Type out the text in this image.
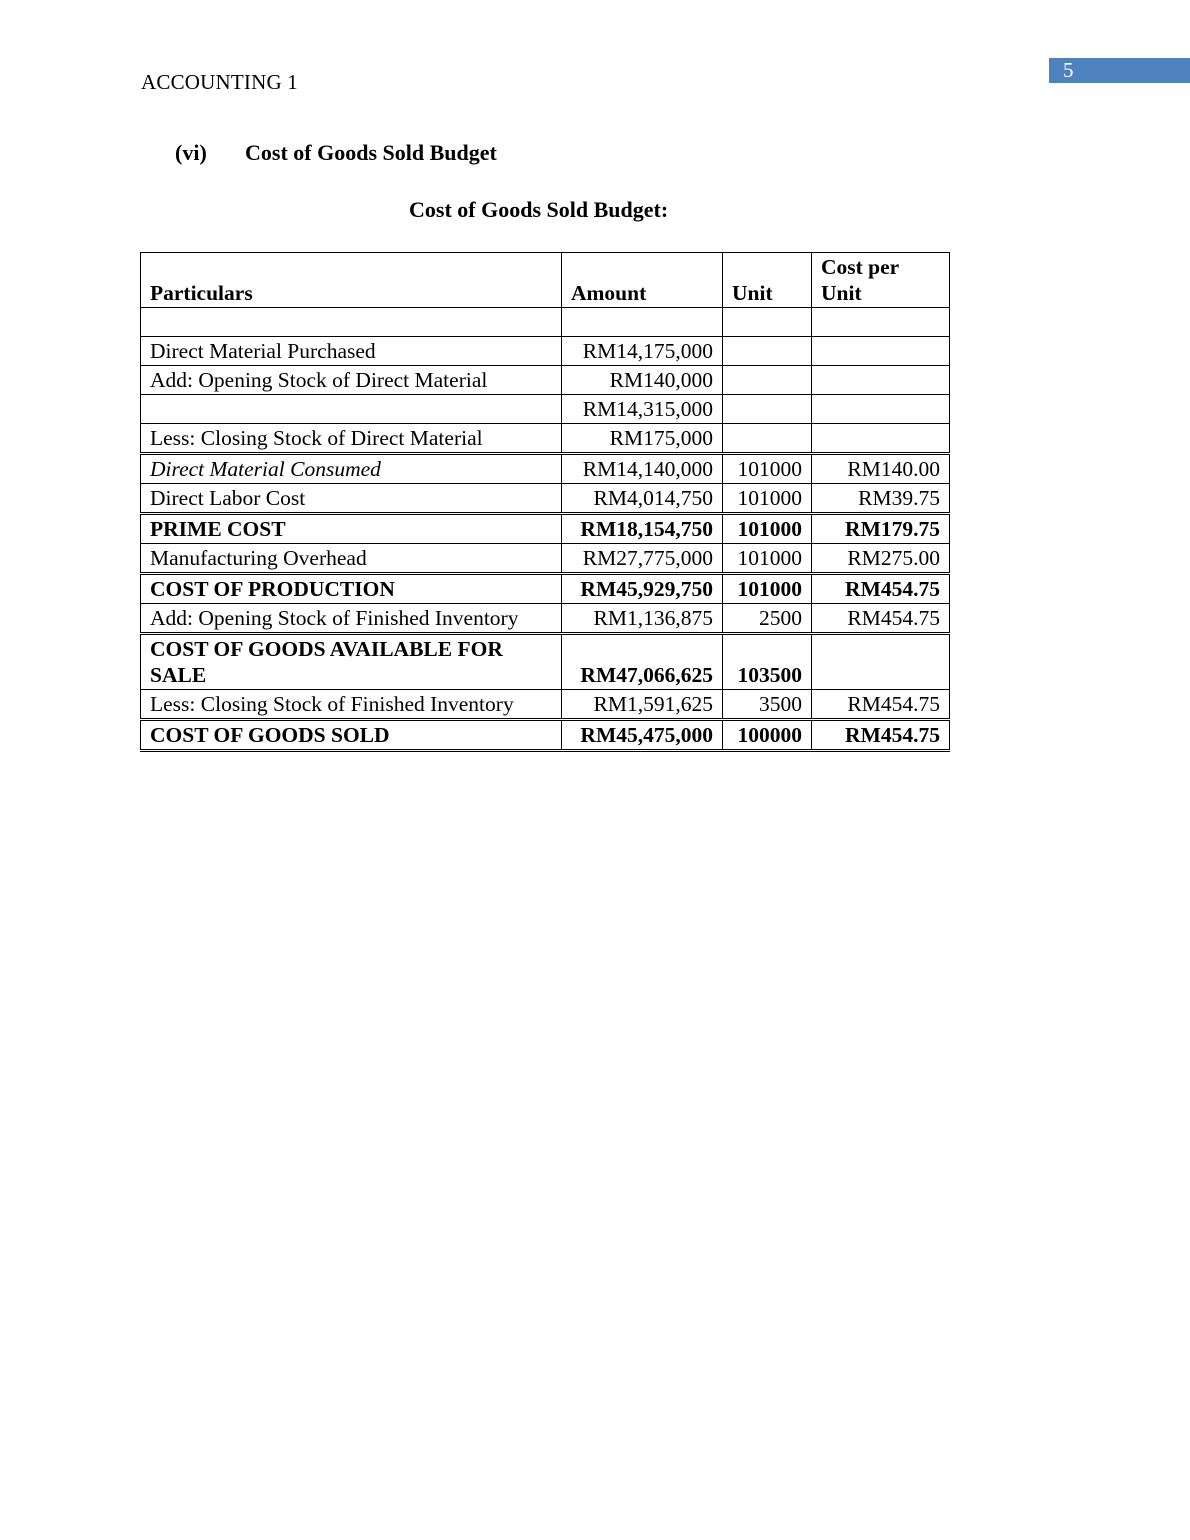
5
ACCOUNTING 1
(vi) Cost of Goods Sold Budget
Cost of Goods Sold Budget:
Particulars	Amount	Unit	Cost per Unit

Direct Material Purchased	RM14,175,000		

Add: Opening Stock of Direct Material	RM140,000		

	RM14,315,000		

Less: Closing Stock of Direct Material	RM175,000		
Direct Material Consumed	RM14,140,000	101000	RM140.00
Direct Labor Cost	RM4,014,750	101000	RM39.75
PRIME COST	RM18,154,750	101000	RM179.75
Manufacturing Overhead	RM27,775,000	101000	RM275.00
COST OF PRODUCTION	RM45,929,750	101000	RM454.75
Add: Opening Stock of Finished Inventory	RM1,136,875	2500	RM454.75
COST OF GOODS AVAILABLE FOR SALE	RM47,066,625	103500	

Less: Closing Stock of Finished Inventory	RM1,591,625	3500	RM454.75
COST OF GOODS SOLD	RM45,475,000	100000	RM454.75
